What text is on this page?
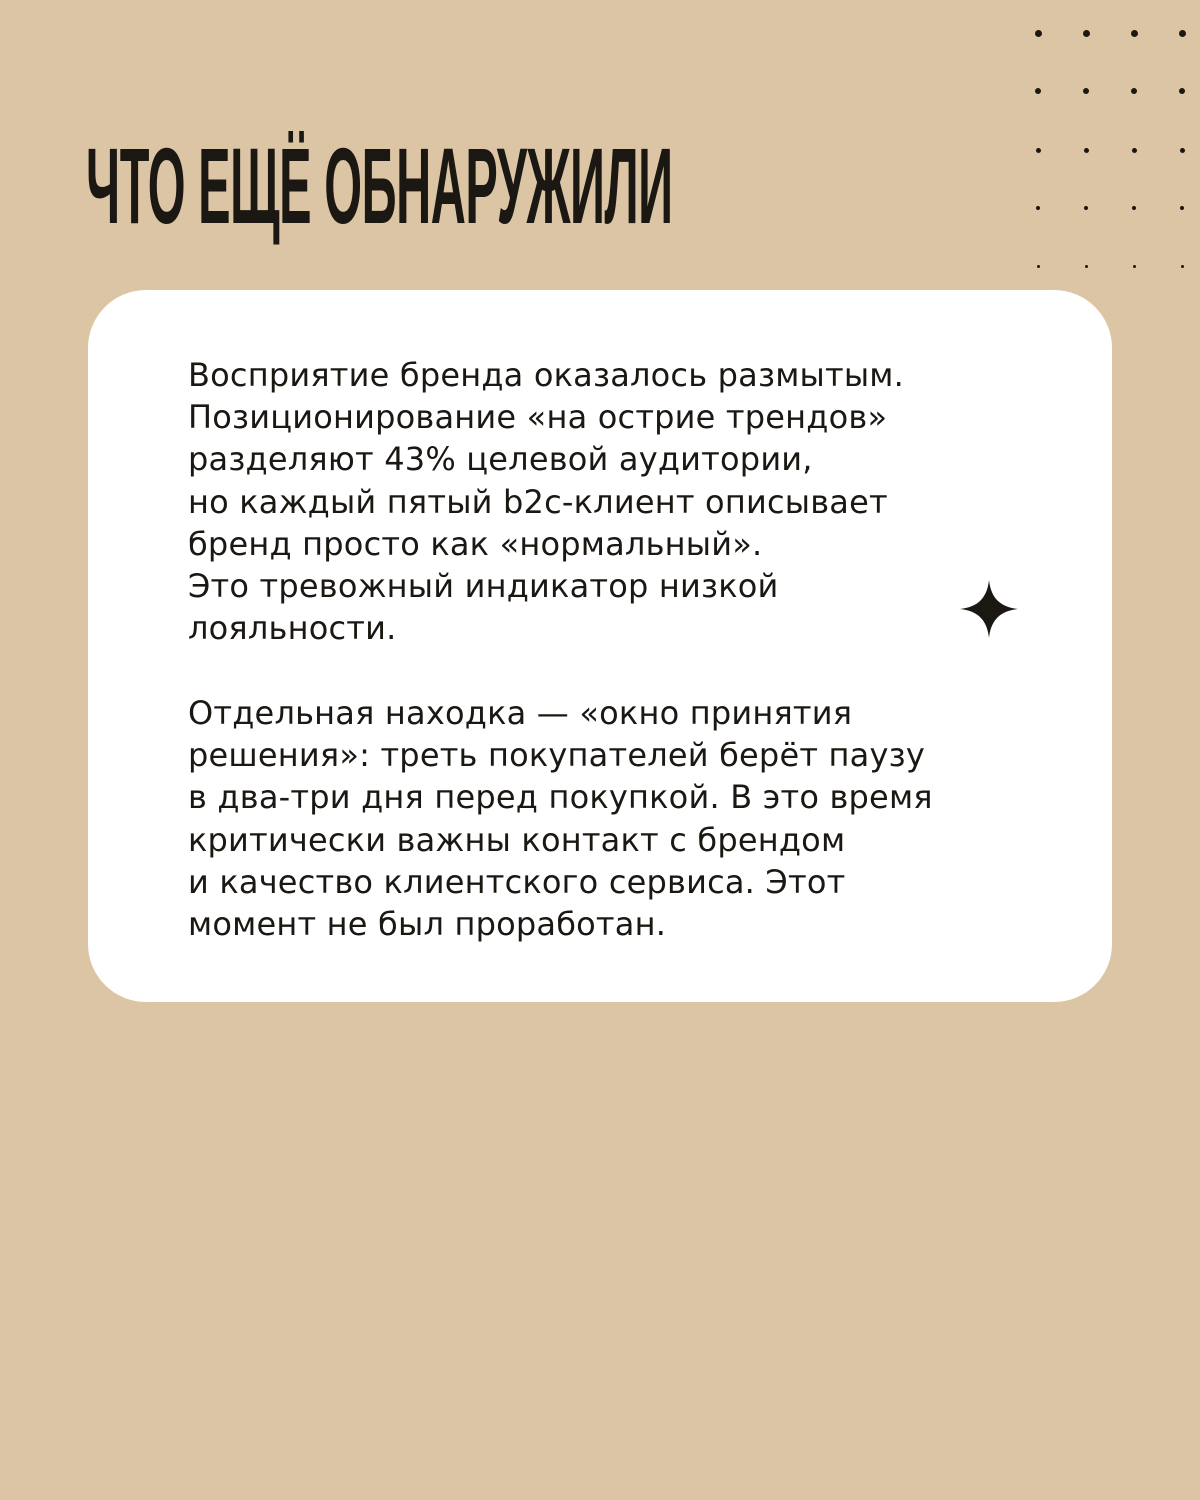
ЧТО ЕЩЁ ОБНАРУЖИЛИ

Восприятие бренда оказалось размытым.
Позиционирование «на острие трендов»
разделяют 43% целевой аудитории,
но каждый пятый b2c-клиент описывает
бренд просто как «нормальный».
Это тревожный индикатор низкой
лояльности.

Отдельная находка — «окно принятия
решения»: треть покупателей берёт паузу
в два-три дня перед покупкой. В это время
критически важны контакт с брендом
и качество клиентского сервиса. Этот
момент не был проработан.
